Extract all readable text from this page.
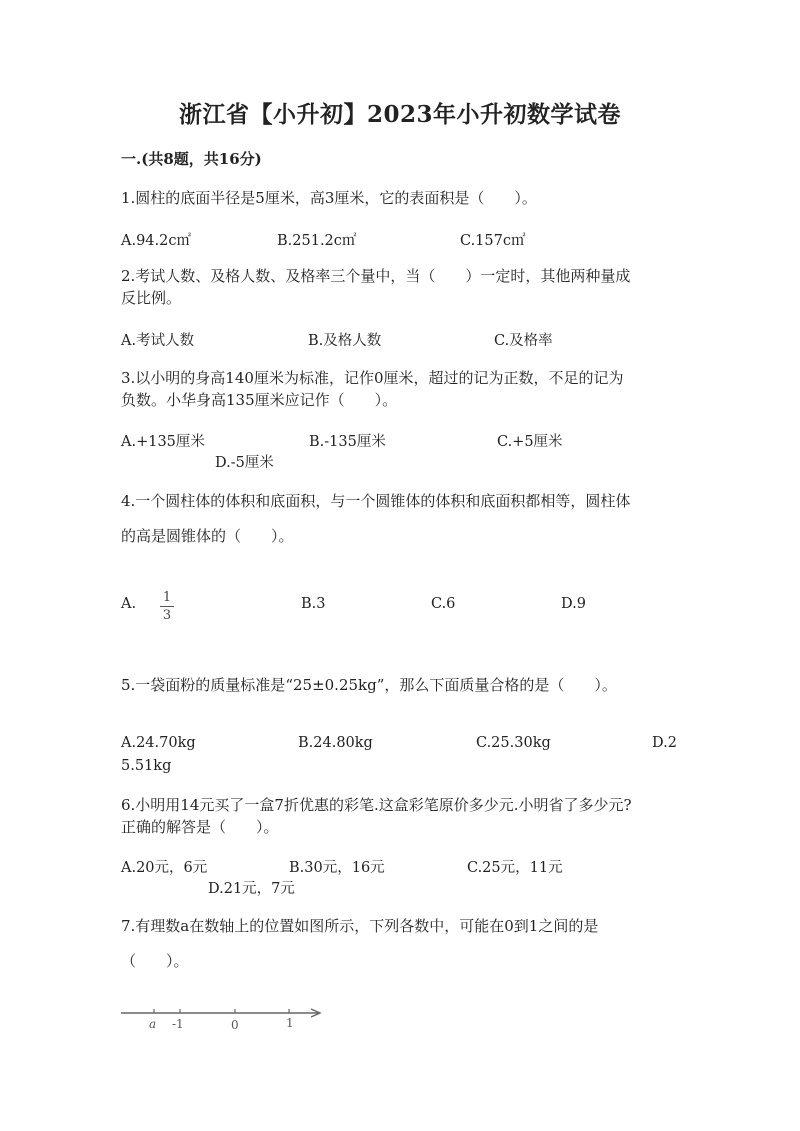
浙江省【小升初】2023年小升初数学试卷
一.(共8题，共16分)
1.圆柱的底面半径是5厘米，高3厘米，它的表面积是（　　）。
A.94.2c㎡	B.251.2c㎡	C.157c㎡
2.考试人数、及格人数、及格率三个量中，当（　　）一定时，其他两种量成
反比例。
A.考试人数	B.及格人数	C.及格率
3.以小明的身高140厘米为标准，记作0厘米，超过的记为正数，不足的记为
负数。小华身高135厘米应记作（　　）。
A.+135厘米	B.-135厘米	C.+5厘米
D.-5厘米
4.一个圆柱体的体积和底面积，与一个圆锥体的体积和底面积都相等，圆柱体
的高是圆锥体的（　　）。
A. 1
3
B.3	C.6	D.9
5.一袋面粉的质量标准是“25±0.25kg”，那么下面质量合格的是（　　）。
A.24.70kg	B.24.80kg	C.25.30kg	D.2
5.51kg
6.小明用14元买了一盒7折优惠的彩笔.这盒彩笔原价多少元.小明省了多少元?
正确的解答是（　　）。
A.20元，6元	B.30元，16元	C.25元，11元
D.21元，7元
7.有理数a在数轴上的位置如图所示，下列各数中，可能在0到1之间的是
（　　）。
a -1	0	1
